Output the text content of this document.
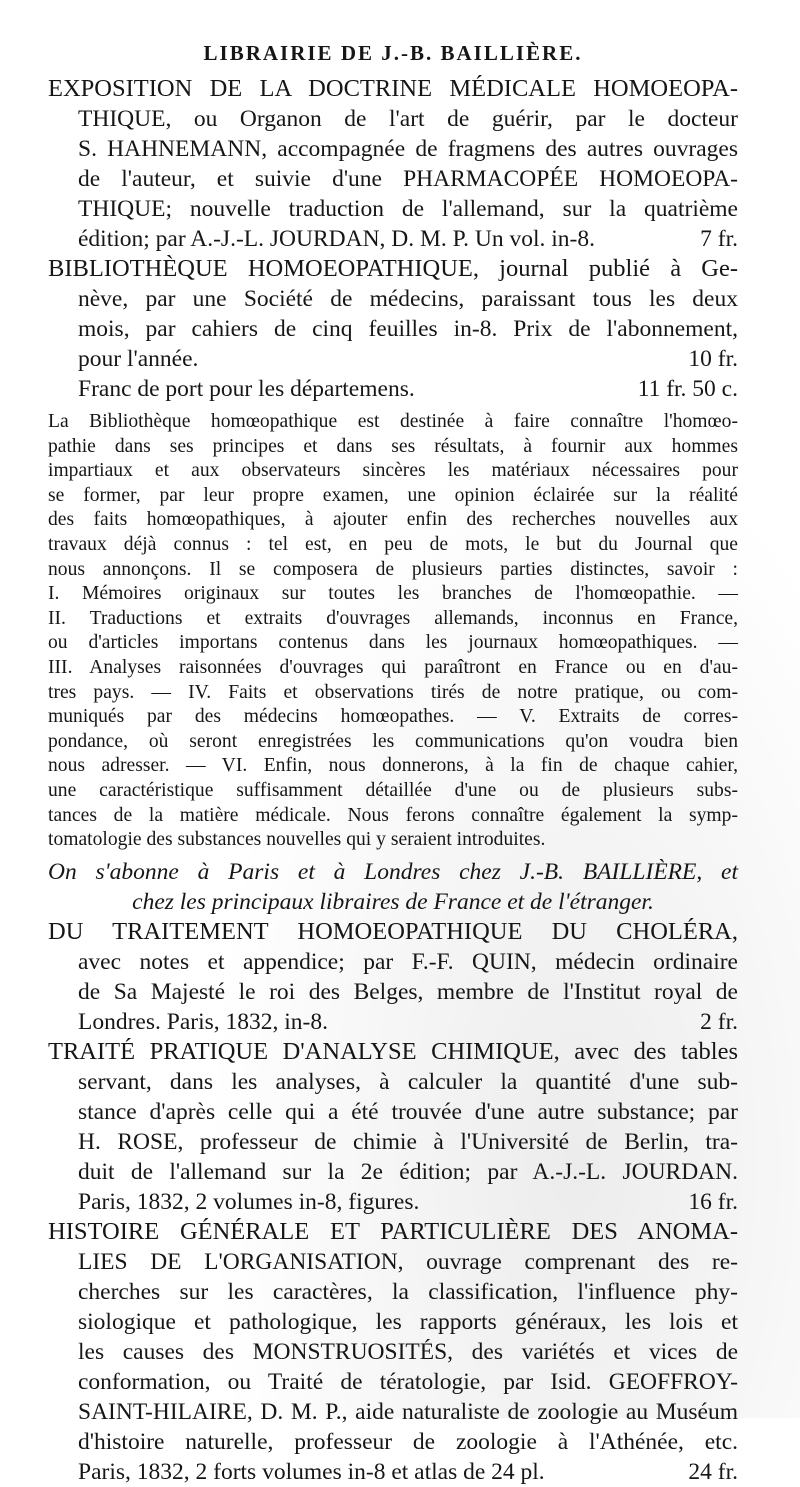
LIBRAIRIE DE J.-B. BAILLIÈRE.
EXPOSITION DE LA DOCTRINE MÉDICALE HOMOEOPA-
THIQUE, ou Organon de l'art de guérir, par le docteur
S. HAHNEMANN, accompagnée de fragmens des autres ouvrages
de l'auteur, et suivie d'une PHARMACOPÉE HOMOEOPA-
THIQUE; nouvelle traduction de l'allemand, sur la quatrième
édition; par A.-J.-L. JOURDAN, D. M. P. Un vol. in-8.	7 fr.
BIBLIOTHÈQUE HOMOEOPATHIQUE, journal publié à Ge-
nève, par une Société de médecins, paraissant tous les deux
mois, par cahiers de cinq feuilles in-8. Prix de l'abonnement,
pour l'année.	10 fr.
Franc de port pour les départemens.	11 fr. 50 c.
La Bibliothèque homœopathique est destinée à faire connaître l'homœo-
pathie dans ses principes et dans ses résultats, à fournir aux hommes
impartiaux et aux observateurs sincères les matériaux nécessaires pour
se former, par leur propre examen, une opinion éclairée sur la réalité
des faits homœopathiques, à ajouter enfin des recherches nouvelles aux
travaux déjà connus : tel est, en peu de mots, le but du Journal que
nous annonçons. Il se composera de plusieurs parties distinctes, savoir :
I. Mémoires originaux sur toutes les branches de l'homœopathie. —
II. Traductions et extraits d'ouvrages allemands, inconnus en France,
ou d'articles importans contenus dans les journaux homœopathiques. —
III. Analyses raisonnées d'ouvrages qui paraîtront en France ou en d'au-
tres pays. — IV. Faits et observations tirés de notre pratique, ou com-
muniqués par des médecins homœopathes. — V. Extraits de corres-
pondance, où seront enregistrées les communications qu'on voudra bien
nous adresser. — VI. Enfin, nous donnerons, à la fin de chaque cahier,
une caractéristique suffisamment détaillée d'une ou de plusieurs subs-
tances de la matière médicale. Nous ferons connaître également la symp-
tomatologie des substances nouvelles qui y seraient introduites.
On s'abonne à Paris et à Londres chez J.-B. BAILLIÈRE, et
chez les principaux libraires de France et de l'étranger.
DU TRAITEMENT HOMOEOPATHIQUE DU CHOLÉRA,
avec notes et appendice; par F.-F. QUIN, médecin ordinaire
de Sa Majesté le roi des Belges, membre de l'Institut royal de
Londres. Paris, 1832, in-8.	2 fr.
TRAITÉ PRATIQUE D'ANALYSE CHIMIQUE, avec des tables
servant, dans les analyses, à calculer la quantité d'une sub-
stance d'après celle qui a été trouvée d'une autre substance; par
H. ROSE, professeur de chimie à l'Université de Berlin, tra-
duit de l'allemand sur la 2e édition; par A.-J.-L. JOURDAN.
Paris, 1832, 2 volumes in-8, figures.	16 fr.
HISTOIRE GÉNÉRALE ET PARTICULIÈRE DES ANOMA-
LIES DE L'ORGANISATION, ouvrage comprenant des re-
cherches sur les caractères, la classification, l'influence phy-
siologique et pathologique, les rapports généraux, les lois et
les causes des MONSTRUOSITÉS, des variétés et vices de
conformation, ou Traité de tératologie, par Isid. GEOFFROY-
SAINT-HILAIRE, D. M. P., aide naturaliste de zoologie au Muséum
d'histoire naturelle, professeur de zoologie à l'Athénée, etc.
Paris, 1832, 2 forts volumes in-8 et atlas de 24 pl.	24 fr.
